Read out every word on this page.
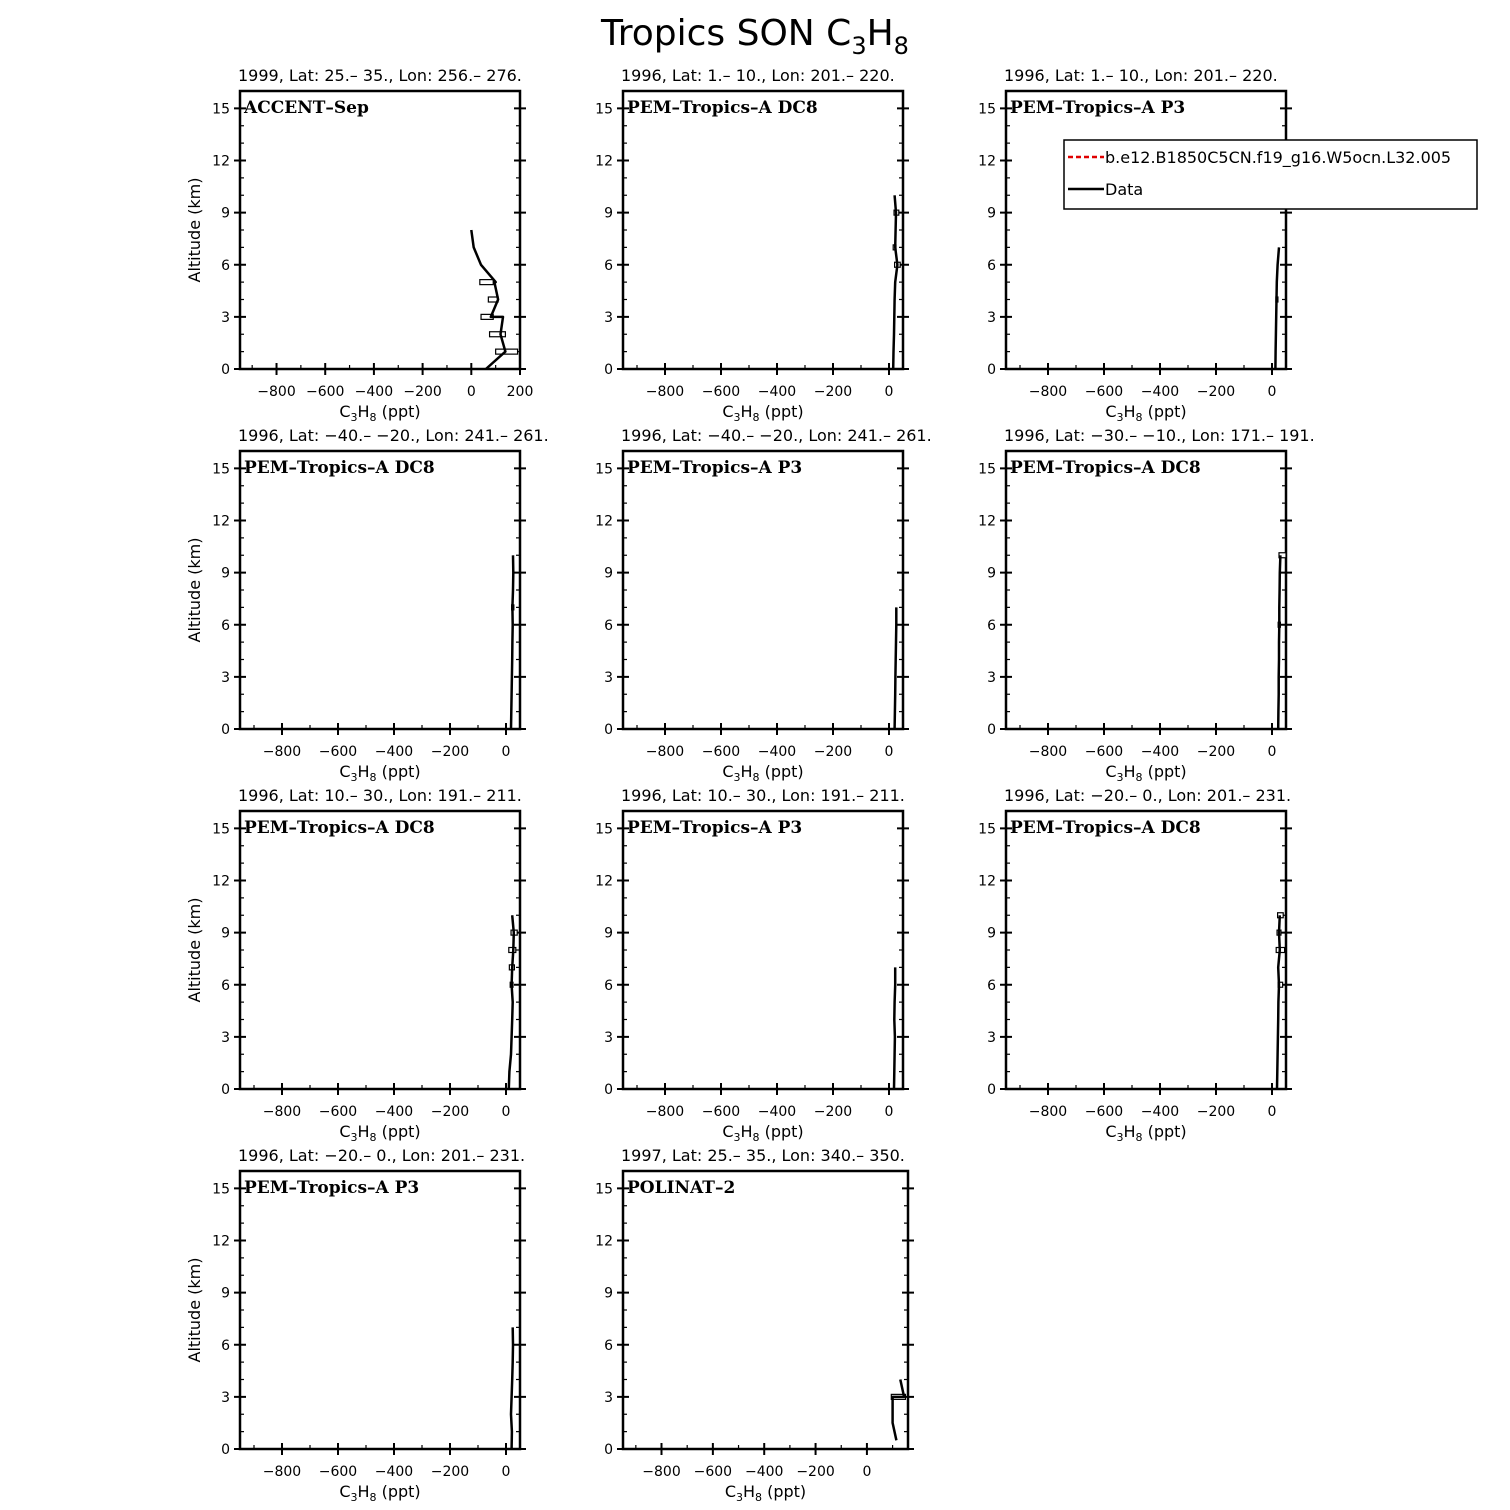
Tropics SON $C_3H_8$
1999, Lat: 25.– 35., Lon: 256.– 276.
0
3
6
9
12
15
−800 −600 −400 −200 0 200
$C_3H_8$ (ppt)
Altitude (km)
ACCENT–Sep
1996, Lat: 1.– 10., Lon: 201.– 220.
0
3
6
9
12
15
−800 −600 −400 −200 0
$C_3H_8$ (ppt)
PEM–Tropics–A DC8
1996, Lat: 1.– 10., Lon: 201.– 220.
0
3
6
9
12
15
−800 −600 −400 −200 0
$C_3H_8$ (ppt)
PEM–Tropics–A P3
1996, Lat: −40.– −20., Lon: 241.– 261.
0
3
6
9
12
15
−800 −600 −400 −200 0
$C_3H_8$ (ppt)
Altitude (km)
PEM–Tropics–A DC8
1996, Lat: −40.– −20., Lon: 241.– 261.
0
3
6
9
12
15
−800 −600 −400 −200 0
$C_3H_8$ (ppt)
PEM–Tropics–A P3
1996, Lat: −30.– −10., Lon: 171.– 191.
0
3
6
9
12
15
−800 −600 −400 −200 0
$C_3H_8$ (ppt)
PEM–Tropics–A DC8
1996, Lat: 10.– 30., Lon: 191.– 211.
0
3
6
9
12
15
−800 −600 −400 −200 0
$C_3H_8$ (ppt)
Altitude (km)
PEM–Tropics–A DC8
1996, Lat: 10.– 30., Lon: 191.– 211.
0
3
6
9
12
15
−800 −600 −400 −200 0
$C_3H_8$ (ppt)
PEM–Tropics–A P3
1996, Lat: −20.– 0., Lon: 201.– 231.
0
3
6
9
12
15
−800 −600 −400 −200 0
$C_3H_8$ (ppt)
PEM–Tropics–A DC8
1996, Lat: −20.– 0., Lon: 201.– 231.
0
3
6
9
12
15
−800 −600 −400 −200 0
$C_3H_8$ (ppt)
Altitude (km)
PEM–Tropics–A P3
1997, Lat: 25.– 35., Lon: 340.– 350.
0
3
6
9
12
15
−800 −600 −400 −200 0
$C_3H_8$ (ppt)
POLINAT–2
b.e12.B1850C5CN.f19_g16.W5ocn.L32.005
Data
